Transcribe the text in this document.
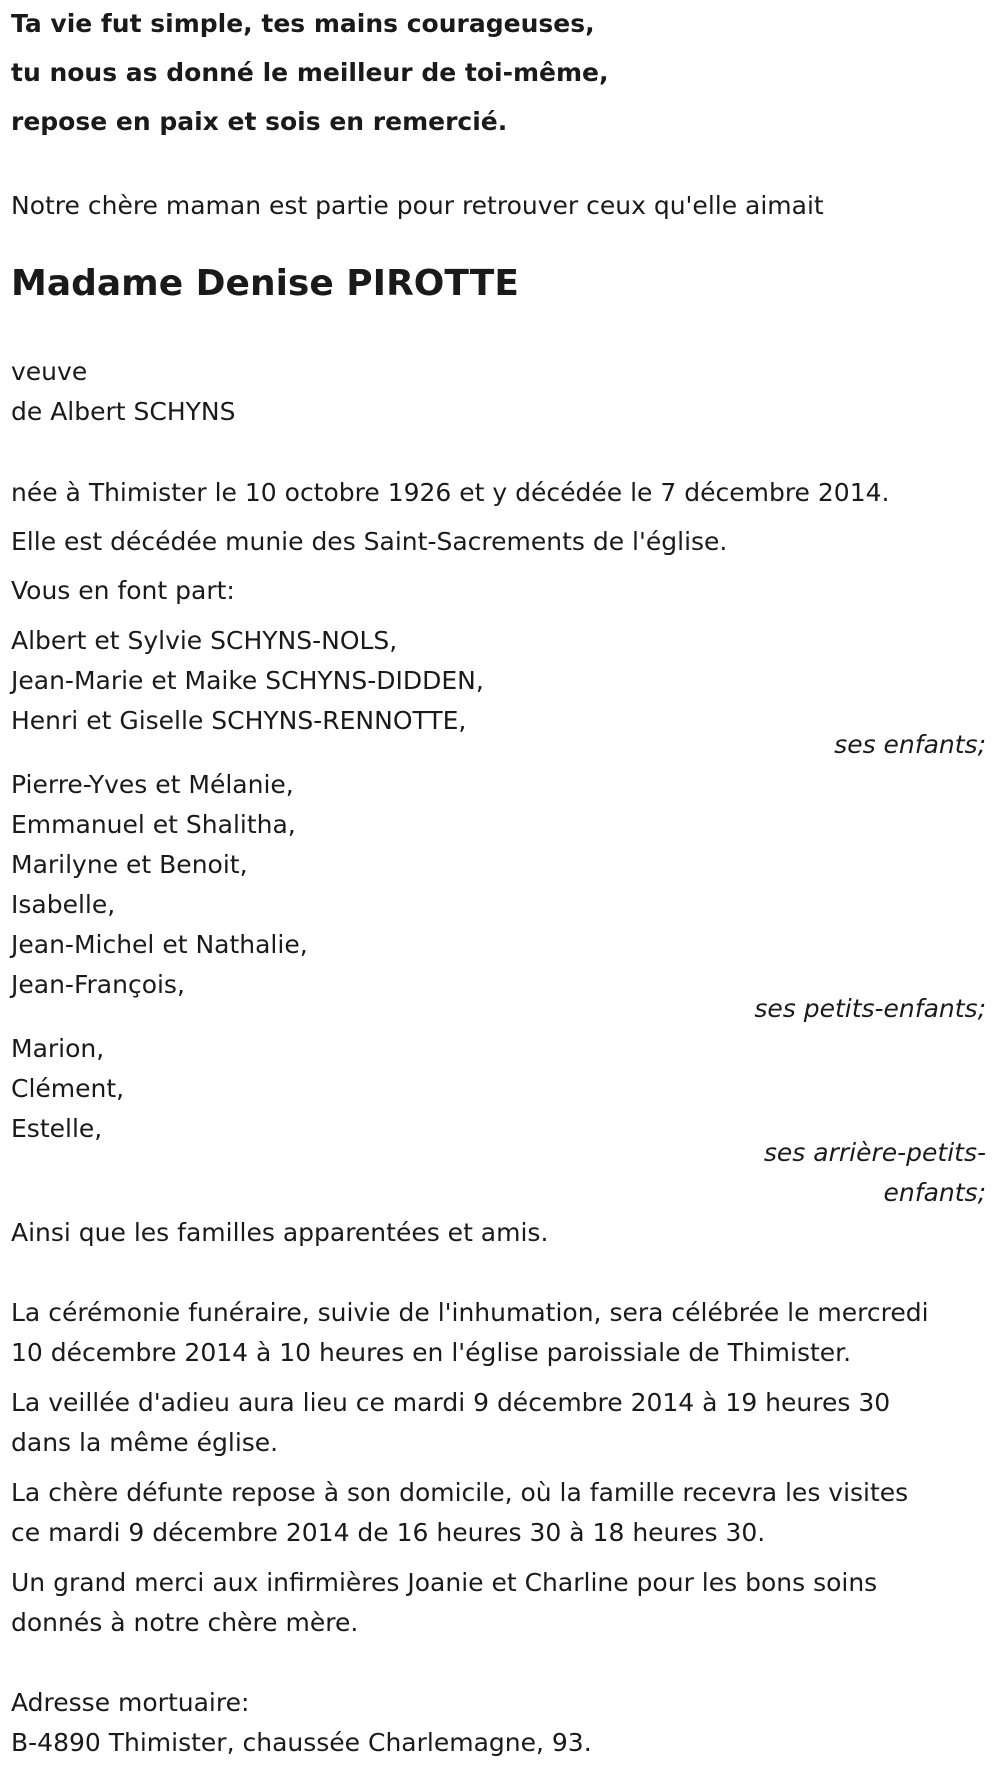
Ta vie fut simple, tes mains courageuses,
tu nous as donné le meilleur de toi-même,
repose en paix et sois en remercié.
Notre chère maman est partie pour retrouver ceux qu'elle aimait
Madame Denise PIROTTE
veuve
de Albert SCHYNS
née à Thimister le 10 octobre 1926 et y décédée le 7 décembre 2014.
Elle est décédée munie des Saint-Sacrements de l'église.
Vous en font part:
Albert et Sylvie SCHYNS-NOLS,
Jean-Marie et Maike SCHYNS-DIDDEN,
Henri et Giselle SCHYNS-RENNOTTE,
ses enfants;
Pierre-Yves et Mélanie,
Emmanuel et Shalitha,
Marilyne et Benoit,
Isabelle,
Jean-Michel et Nathalie,
Jean-François,
ses petits-enfants;
Marion,
Clément,
Estelle,
ses arrière-petits-
enfants;
Ainsi que les familles apparentées et amis.
La cérémonie funéraire, suivie de l'inhumation, sera célébrée le mercredi
10 décembre 2014 à 10 heures en l'église paroissiale de Thimister.
La veillée d'adieu aura lieu ce mardi 9 décembre 2014 à 19 heures 30
dans la même église.
La chère défunte repose à son domicile, où la famille recevra les visites
ce mardi 9 décembre 2014 de 16 heures 30 à 18 heures 30.
Un grand merci aux infirmières Joanie et Charline pour les bons soins
donnés à notre chère mère.
Adresse mortuaire:
B-4890 Thimister, chaussée Charlemagne, 93.
